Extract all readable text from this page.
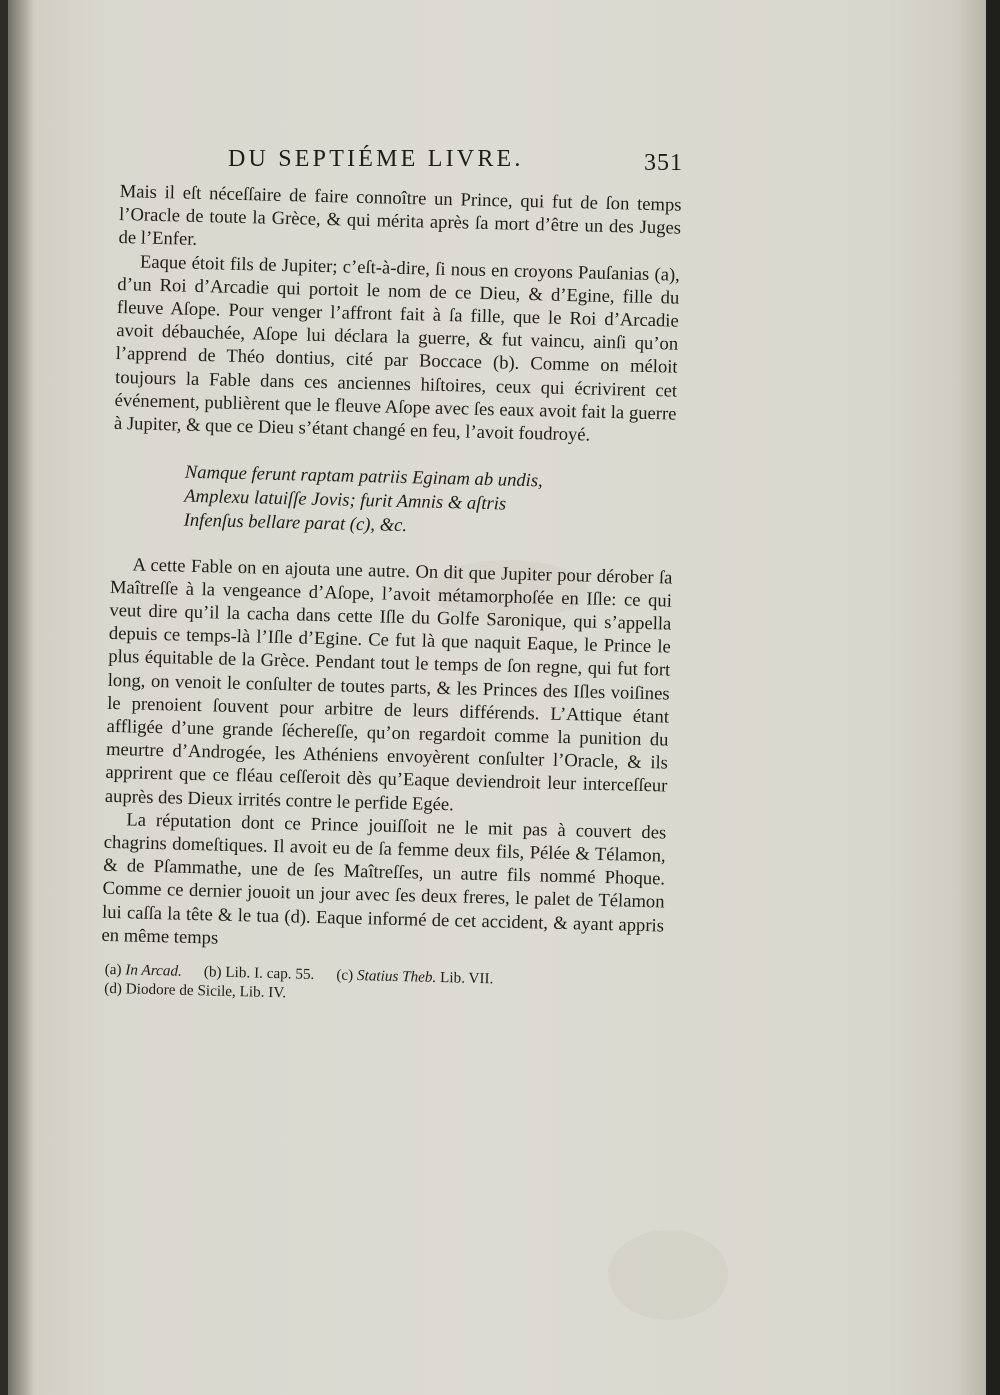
DU SEPTIÉME LIVRE.	351

Mais il eſt néceſſaire de faire connoître un Prince, qui fut de ſon temps l’Oracle de toute la Grèce, & qui mérita après ſa mort d’être un des Juges de l’Enfer.

Eaque étoit fils de Jupiter; c’eſt-à-dire, ſi nous en croyons Pauſanias (a), d’un Roi d’Arcadie qui portoit le nom de ce Dieu, & d’Egine, fille du fleuve Aſope. Pour venger l’affront fait à ſa fille, que le Roi d’Arcadie avoit débauchée, Aſope lui déclara la guerre, & fut vaincu, ainſi qu’on l’apprend de Théo dontius, cité par Boccace (b). Comme on méloit toujours la Fable dans ces anciennes hiſtoires, ceux qui écrivirent cet événement, publièrent que le fleuve Aſope avec ſes eaux avoit fait la guerre à Jupiter, & que ce Dieu s’étant changé en feu, l’avoit foudroyé.

Namque ferunt raptam patriis Eginam ab undis,
Amplexu latuiſſe Jovis; furit Amnis & aſtris
Infenſus bellare parat (c), &c.

A cette Fable on en ajouta une autre. On dit que Jupiter pour dérober ſa Maîtreſſe à la vengeance d’Aſope, l’avoit métamorphoſée en Iſle: ce qui veut dire qu’il la cacha dans cette Iſle du Golfe Saronique, qui s’appella depuis ce temps-là l’Iſle d’Egine. Ce fut là que naquit Eaque, le Prince le plus équitable de la Grèce. Pendant tout le temps de ſon regne, qui fut fort long, on venoit le conſulter de toutes parts, & les Princes des Iſles voiſines le prenoient ſouvent pour arbitre de leurs différends. L’Attique étant affligée d’une grande ſécherеſſe, qu’on regardoit comme la punition du meurtre d’Androgée, les Athéniens envoyèrent conſulter l’Oracle, & ils apprirent que ce fléau ceſſeroit dès qu’Eaque deviendroit leur interceſſeur auprès des Dieux irrités contre le perfide Egée.

La réputation dont ce Prince jouiſſoit ne le mit pas à couvert des chagrins domeſtiques. Il avoit eu de ſa femme deux fils, Pélée & Télamon, & de Pſammathe, une de ſes Maîtreſſes, un autre fils nommé Phoque. Comme ce dernier jouoit un jour avec ſes deux freres, le palet de Télamon lui caſſa la tête & le tua (d). Eaque informé de cet accident, & ayant appris en même temps

(a) In Arcad. (b) Lib. I. cap. 55. (c) Statius Theb. Lib. VII.
(d) Diodore de Sicile, Lib. IV.
